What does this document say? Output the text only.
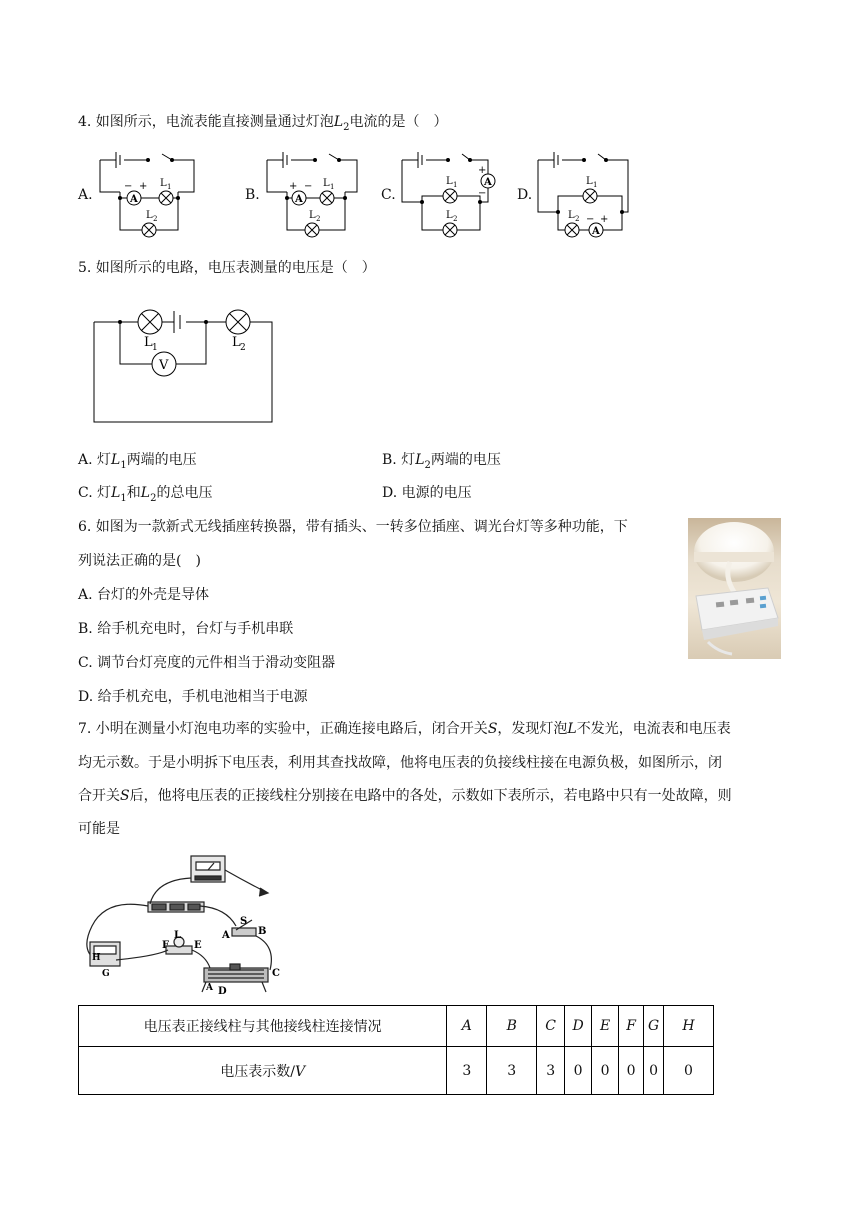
4. 如图所示，电流表能直接测量通过灯泡$L_2$电流的是（　）
A.	B.	C.	D.
A
− + L 1
L 2
A
+ − L 1
L 2
A
+
−
L 1
L 2
A
− +
L 1
L 2
5. 如图所示的电路，电压表测量的电压是（　）
V
L 1	L 2
A. 灯$L_1$两端的电压	B. 灯$L_2$两端的电压
C. 灯$L_1$和$L_2$的总电压	D. 电源的电压
6. 如图为一款新式无线插座转换器，带有插头、一转多位插座、调光台灯等多种功能，下
列说法正确的是(　)
A. 台灯的外壳是导体
B. 给手机充电时，台灯与手机串联
C. 调节台灯亮度的元件相当于滑动变阻器
D. 给手机充电，手机电池相当于电源
7. 小明在测量小灯泡电功率的实验中，正确连接电路后，闭合开关S，发现灯泡L不发光，电流表和电压表
均无示数。于是小明拆下电压表，利用其查找故障，他将电压表的负接线柱接在电源负极，如图所示，闭
合开关S后，他将电压表的正接线柱分别接在电路中的各处，示数如下表所示，若电路中只有一处故障，则
可能是
S
A	B
L
F E
C
D
A
H
G
电压表正接线柱与其他接线柱连接情况	A	B	C	D	E	F	G	H
电压表示数/V	3	3	3	0	0	0	0	0
